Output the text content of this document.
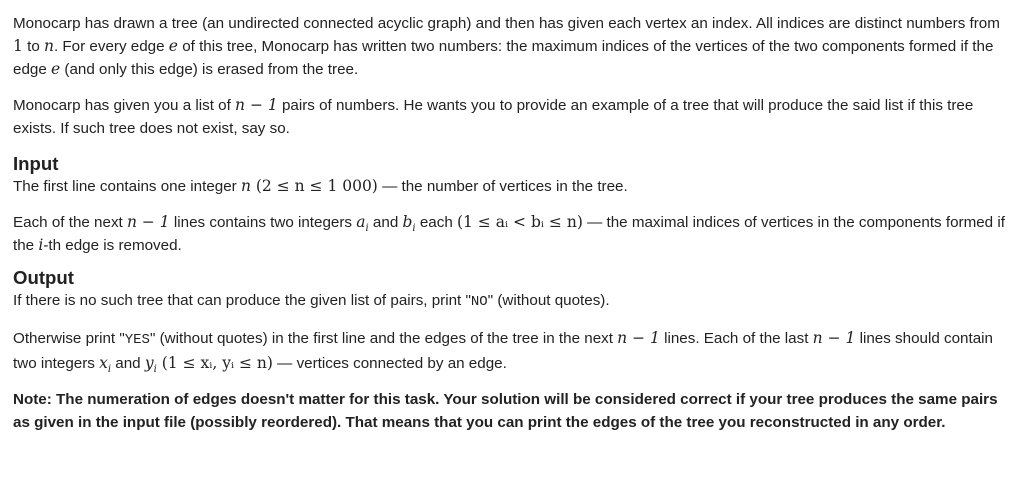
Monocarp has drawn a tree (an undirected connected acyclic graph) and then has given each vertex an index. All indices are distinct numbers from 1 to n. For every edge e of this tree, Monocarp has written two numbers: the maximum indices of the vertices of the two components formed if the edge e (and only this edge) is erased from the tree.

Monocarp has given you a list of n − 1 pairs of numbers. He wants you to provide an example of a tree that will produce the said list if this tree exists. If such tree does not exist, say so.

Input

The first line contains one integer n (2 ≤ n ≤ 1 000) — the number of vertices in the tree.

Each of the next n − 1 lines contains two integers $a_i$ and $b_i$ each (1 ≤ aᵢ < bᵢ ≤ n) — the maximal indices of vertices in the components formed if the i-th edge is removed.

Output

If there is no such tree that can produce the given list of pairs, print "NO" (without quotes).

Otherwise print "YES" (without quotes) in the first line and the edges of the tree in the next n − 1 lines. Each of the last n − 1 lines should contain two integers $x_i$ and $y_i$ (1 ≤ xᵢ, yᵢ ≤ n) — vertices connected by an edge.

Note: The numeration of edges doesn't matter for this task. Your solution will be considered correct if your tree produces the same pairs as given in the input file (possibly reordered). That means that you can print the edges of the tree you reconstructed in any order.
